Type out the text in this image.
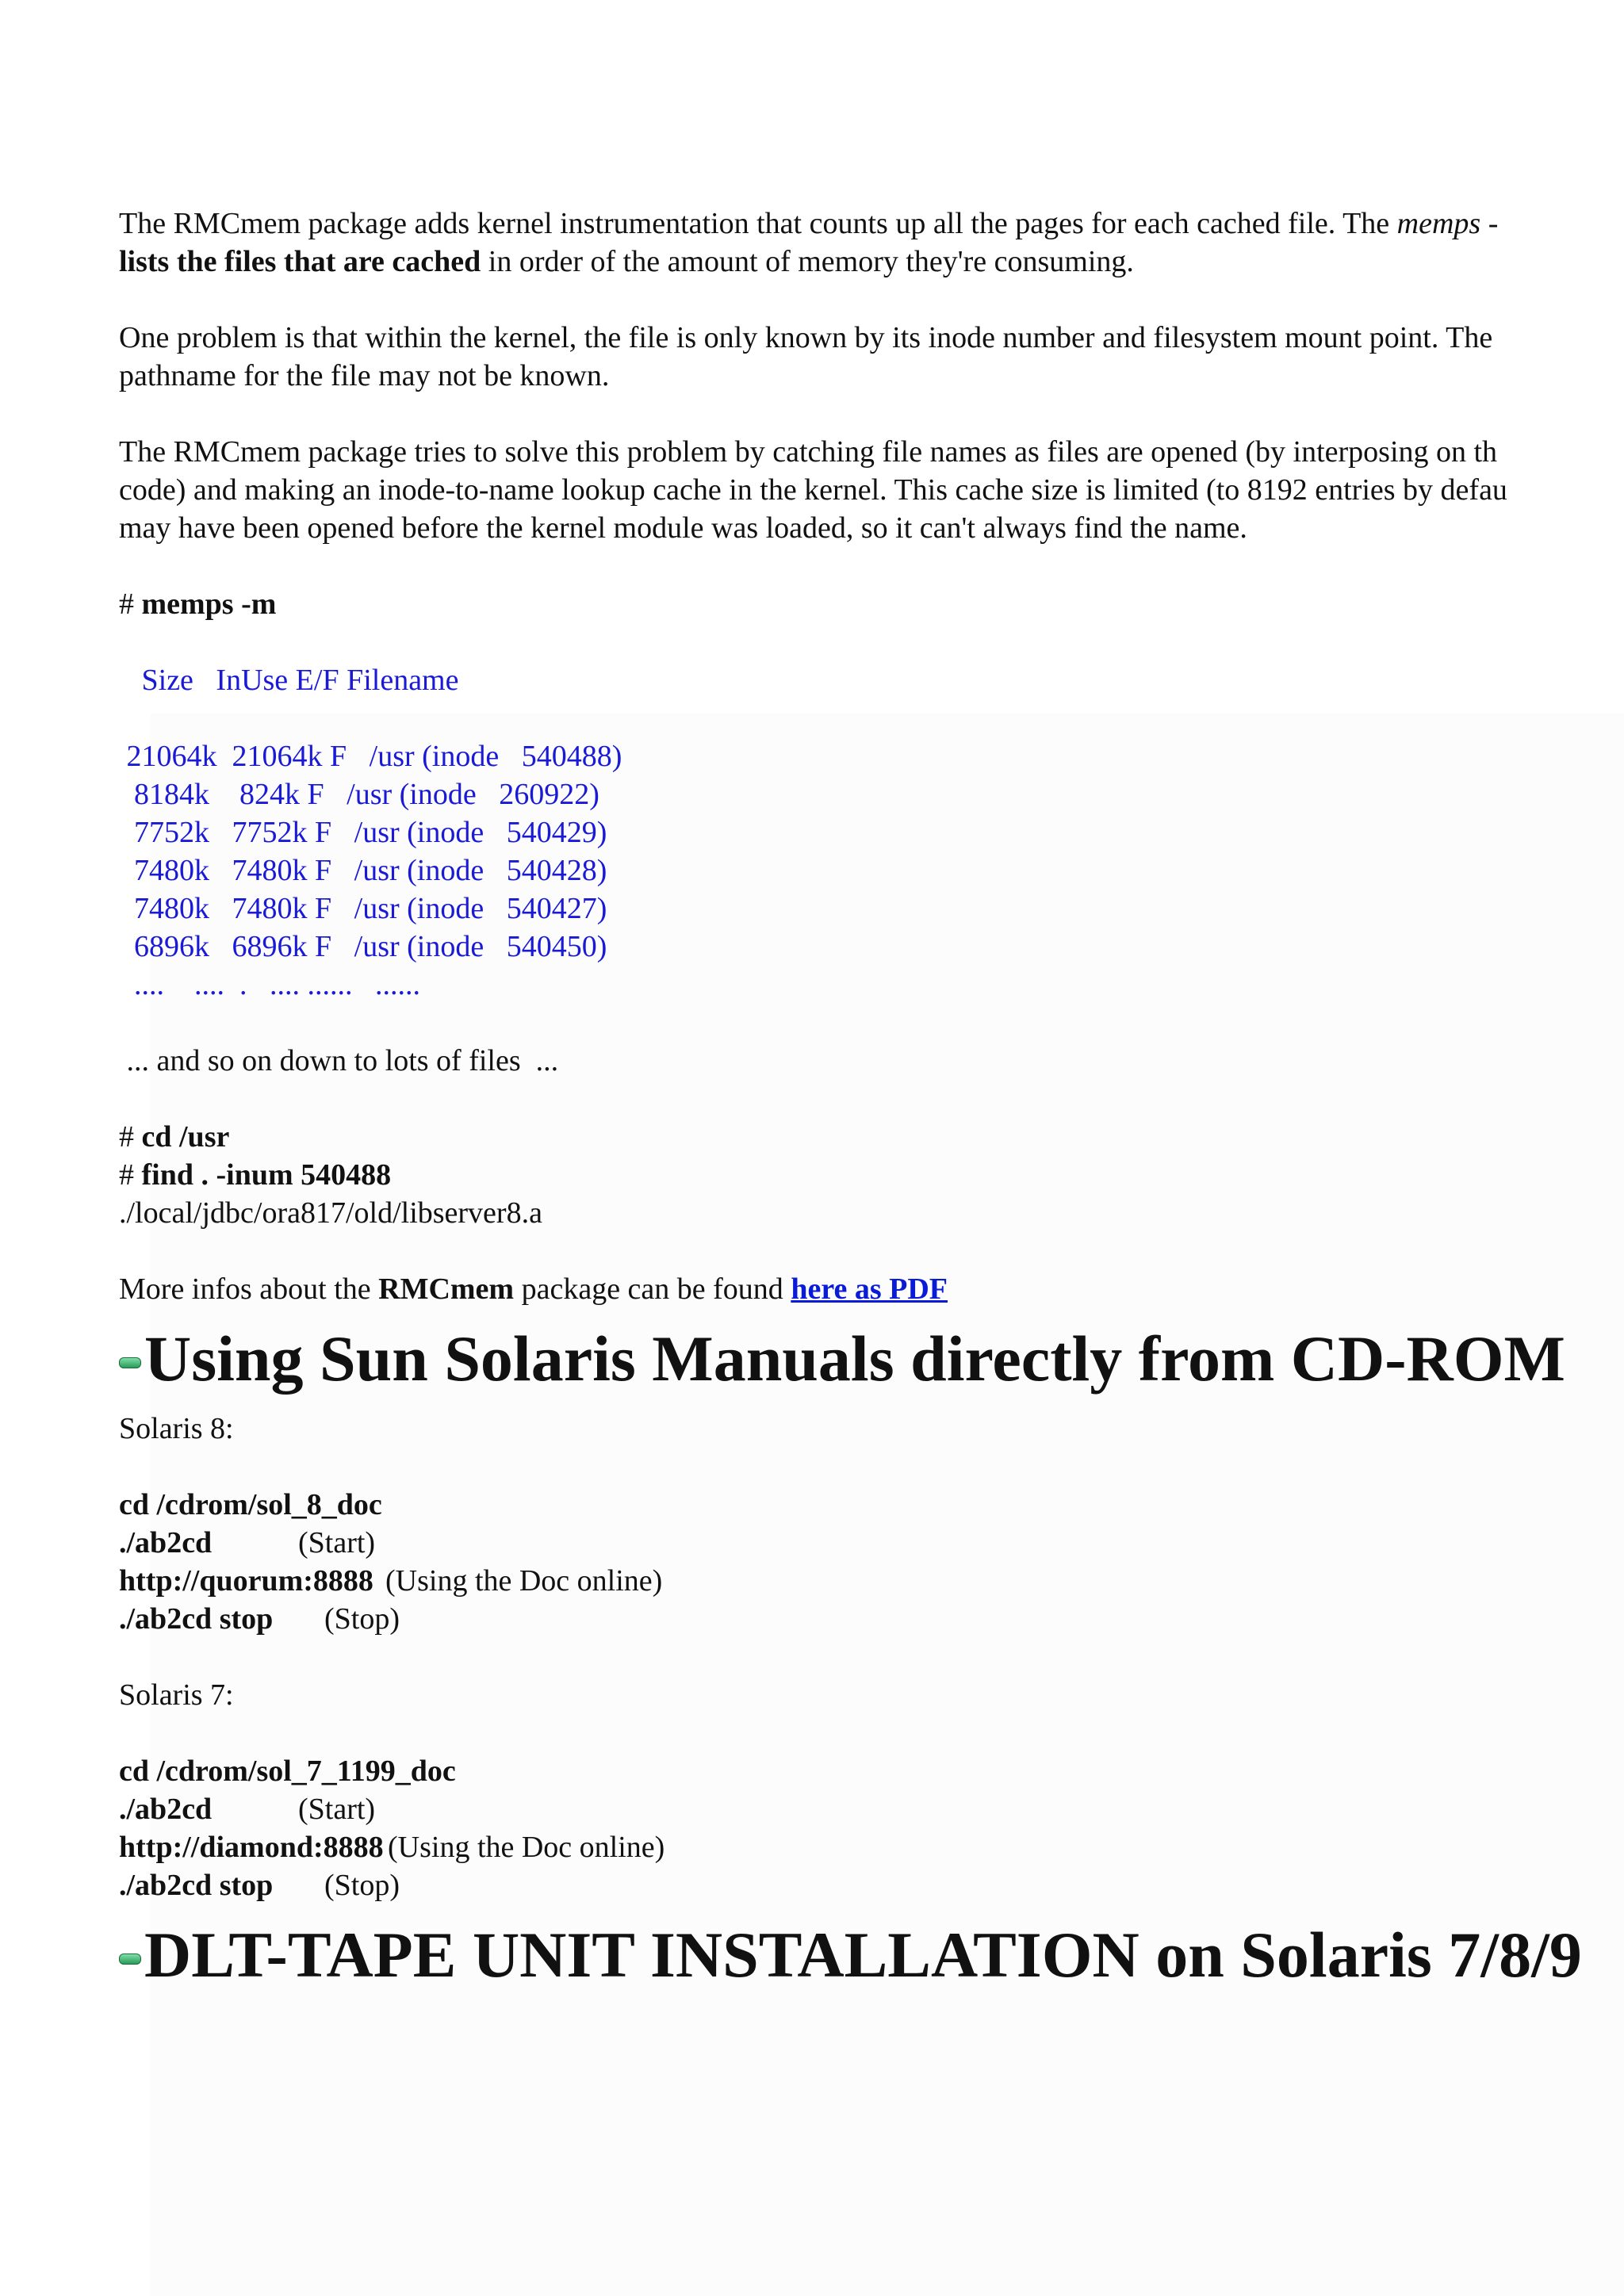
The RMCmem package adds kernel instrumentation that counts up all the pages for each cached file. The memps -
lists the files that are cached in order of the amount of memory they're consuming.

One problem is that within the kernel, the file is only known by its inode number and filesystem mount point. The
pathname for the file may not be known.

The RMCmem package tries to solve this problem by catching file names as files are opened (by interposing on th
code) and making an inode-to-name lookup cache in the kernel. This cache size is limited (to 8192 entries by defau
may have been opened before the kernel module was loaded, so it can't always find the name.

# memps -m

Size   InUse E/F Filename

21064k  21064k F   /usr (inode   540488)
8184k    824k F   /usr (inode   260922)
7752k   7752k F   /usr (inode   540429)
7480k   7480k F   /usr (inode   540428)
7480k   7480k F   /usr (inode   540427)
6896k   6896k F   /usr (inode   540450)
....    ....  .   .... ......   ......

... and so on down to lots of files  ...

# cd /usr
# find . -inum 540488
./local/jdbc/ora817/old/libserver8.a

More infos about the RMCmem package can be found here as PDF

Using Sun Solaris Manuals directly from CD-ROM

Solaris 8:

cd /cdrom/sol_8_doc
./ab2cd	(Start)
http://quorum:8888 (Using the Doc online)
./ab2cd stop (Stop)

Solaris 7:

cd /cdrom/sol_7_1199_doc
./ab2cd	(Start)
http://diamond:8888 (Using the Doc online)
./ab2cd stop (Stop)
DLT-TAPE UNIT INSTALLATION on Solaris 7/8/9
